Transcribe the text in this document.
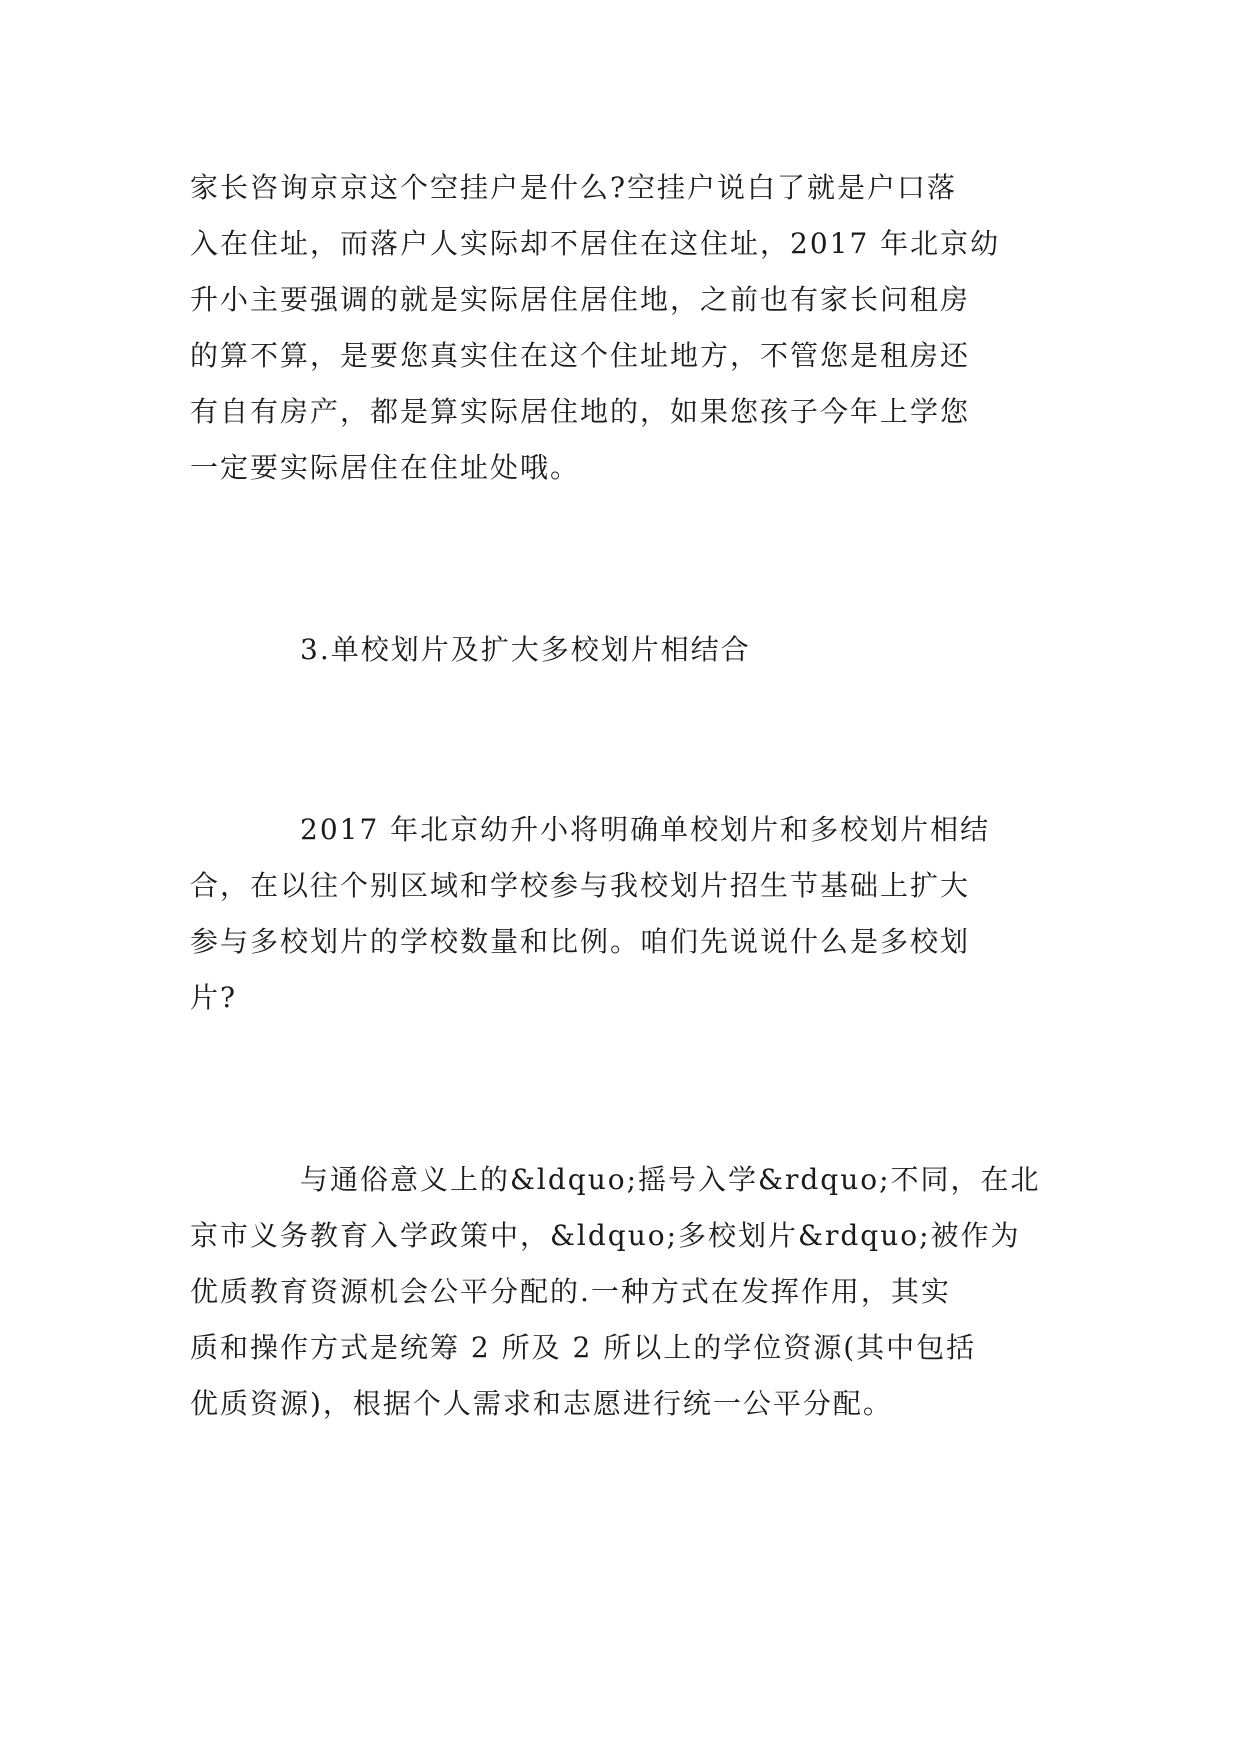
家长咨询京京这个空挂户是什么?空挂户说白了就是户口落
入在住址，而落户人实际却不居住在这住址，2017 年北京幼
升小主要强调的就是实际居住居住地，之前也有家长问租房
的算不算，是要您真实住在这个住址地方，不管您是租房还
有自有房产，都是算实际居住地的，如果您孩子今年上学您
一定要实际居住在住址处哦。
3.单校划片及扩大多校划片相结合
2017 年北京幼升小将明确单校划片和多校划片相结
合，在以往个别区域和学校参与我校划片招生节基础上扩大
参与多校划片的学校数量和比例。咱们先说说什么是多校划
片?
与通俗意义上的&ldquo;摇号入学&rdquo;不同，在北
京市义务教育入学政策中，&ldquo;多校划片&rdquo;被作为
优质教育资源机会公平分配的.一种方式在发挥作用，其实
质和操作方式是统筹 2 所及 2 所以上的学位资源(其中包括
优质资源)，根据个人需求和志愿进行统一公平分配。
